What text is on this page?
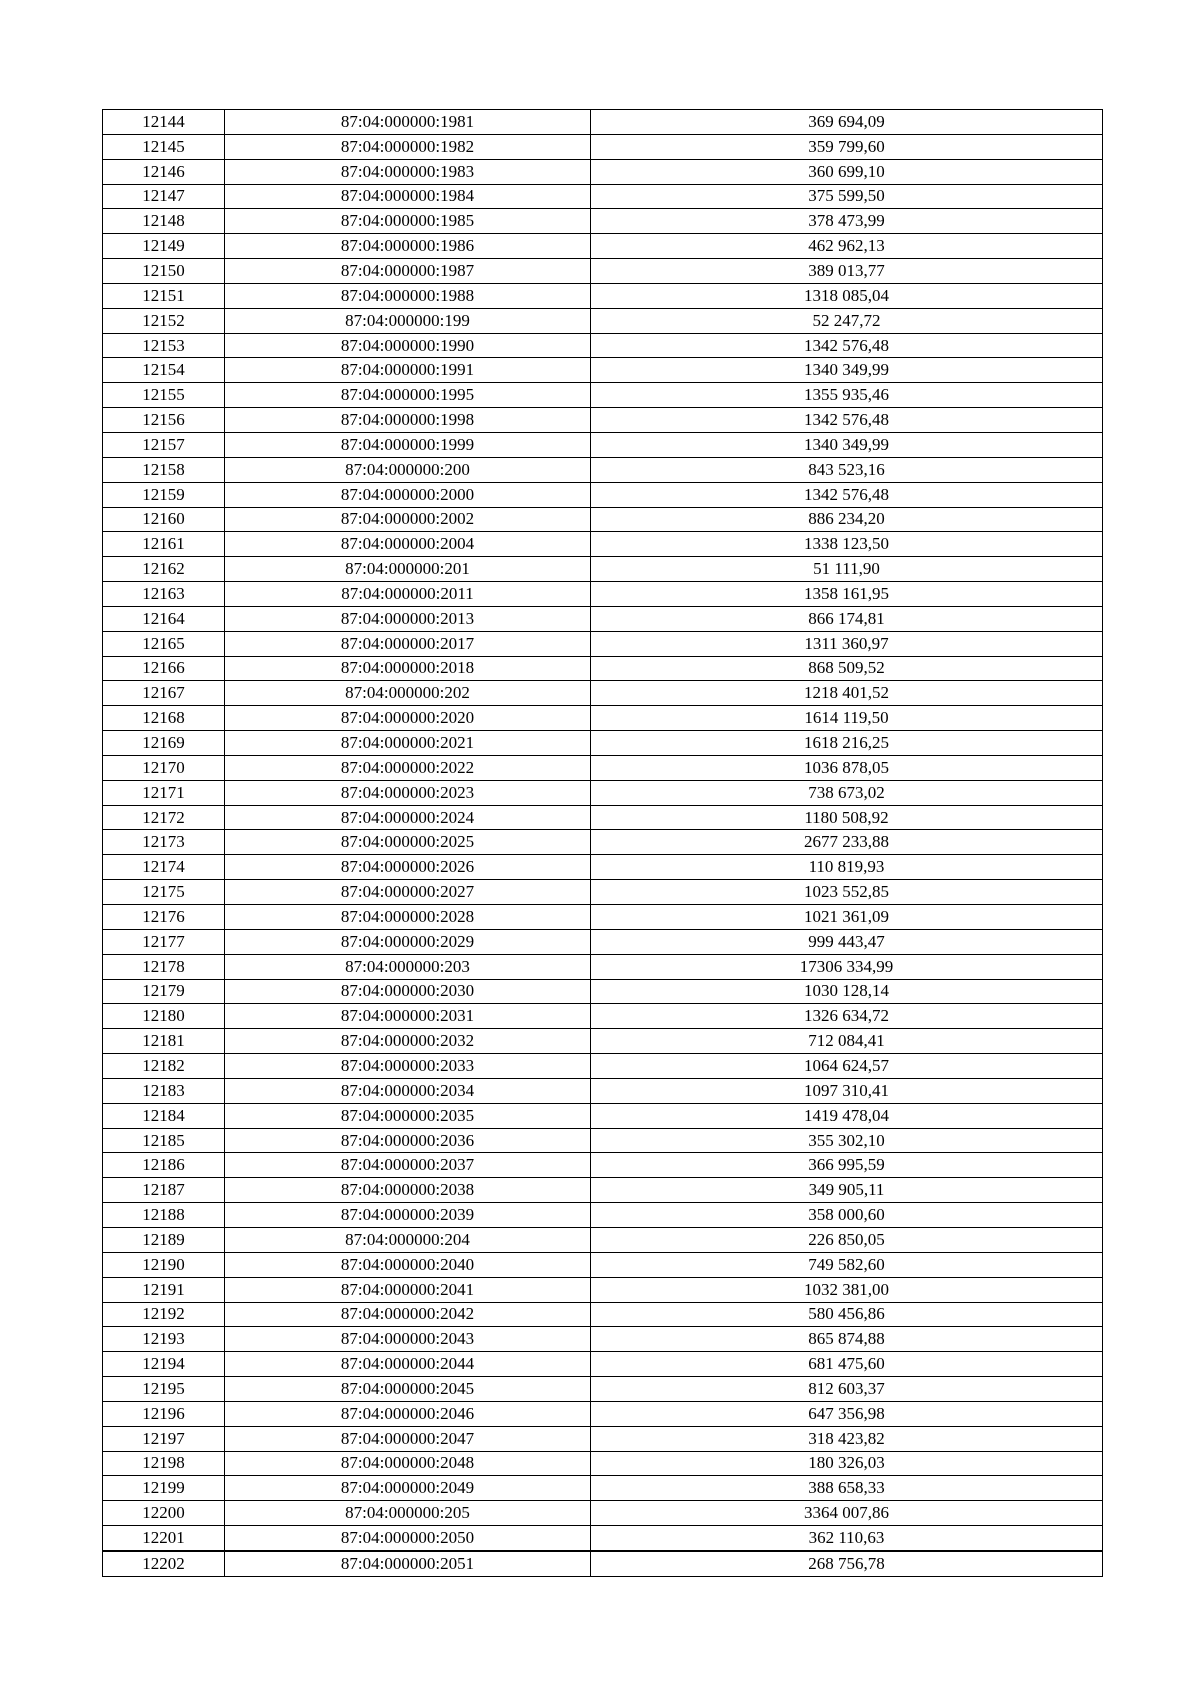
12144	87:04:000000:1981	369 694,09
12145	87:04:000000:1982	359 799,60
12146	87:04:000000:1983	360 699,10
12147	87:04:000000:1984	375 599,50
12148	87:04:000000:1985	378 473,99
12149	87:04:000000:1986	462 962,13
12150	87:04:000000:1987	389 013,77
12151	87:04:000000:1988	1318 085,04
12152	87:04:000000:199	52 247,72
12153	87:04:000000:1990	1342 576,48
12154	87:04:000000:1991	1340 349,99
12155	87:04:000000:1995	1355 935,46
12156	87:04:000000:1998	1342 576,48
12157	87:04:000000:1999	1340 349,99
12158	87:04:000000:200	843 523,16
12159	87:04:000000:2000	1342 576,48
12160	87:04:000000:2002	886 234,20
12161	87:04:000000:2004	1338 123,50
12162	87:04:000000:201	51 111,90
12163	87:04:000000:2011	1358 161,95
12164	87:04:000000:2013	866 174,81
12165	87:04:000000:2017	1311 360,97
12166	87:04:000000:2018	868 509,52
12167	87:04:000000:202	1218 401,52
12168	87:04:000000:2020	1614 119,50
12169	87:04:000000:2021	1618 216,25
12170	87:04:000000:2022	1036 878,05
12171	87:04:000000:2023	738 673,02
12172	87:04:000000:2024	1180 508,92
12173	87:04:000000:2025	2677 233,88
12174	87:04:000000:2026	110 819,93
12175	87:04:000000:2027	1023 552,85
12176	87:04:000000:2028	1021 361,09
12177	87:04:000000:2029	999 443,47
12178	87:04:000000:203	17306 334,99
12179	87:04:000000:2030	1030 128,14
12180	87:04:000000:2031	1326 634,72
12181	87:04:000000:2032	712 084,41
12182	87:04:000000:2033	1064 624,57
12183	87:04:000000:2034	1097 310,41
12184	87:04:000000:2035	1419 478,04
12185	87:04:000000:2036	355 302,10
12186	87:04:000000:2037	366 995,59
12187	87:04:000000:2038	349 905,11
12188	87:04:000000:2039	358 000,60
12189	87:04:000000:204	226 850,05
12190	87:04:000000:2040	749 582,60
12191	87:04:000000:2041	1032 381,00
12192	87:04:000000:2042	580 456,86
12193	87:04:000000:2043	865 874,88
12194	87:04:000000:2044	681 475,60
12195	87:04:000000:2045	812 603,37
12196	87:04:000000:2046	647 356,98
12197	87:04:000000:2047	318 423,82
12198	87:04:000000:2048	180 326,03
12199	87:04:000000:2049	388 658,33
12200	87:04:000000:205	3364 007,86
12201	87:04:000000:2050	362 110,63
12202	87:04:000000:2051	268 756,78
